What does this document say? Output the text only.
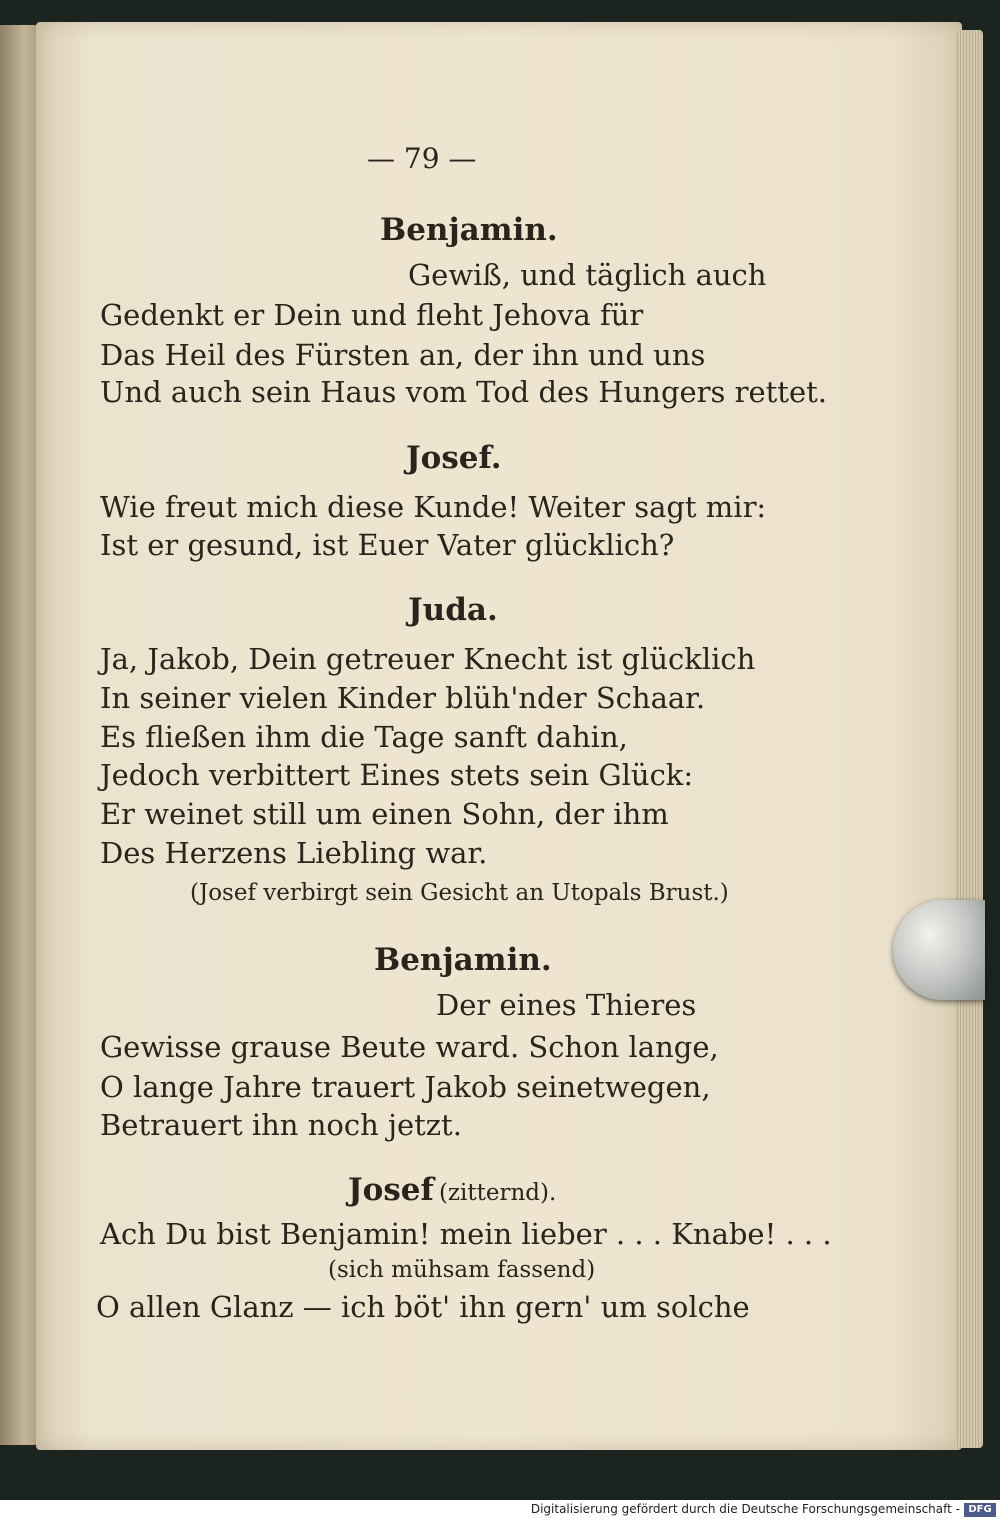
— 79 —
Benjamin.
Gewiß, und täglich auch
Gedenkt er Dein und fleht Jehova für
Das Heil des Fürsten an, der ihn und uns
Und auch sein Haus vom Tod des Hungers rettet.
Josef.
Wie freut mich diese Kunde! Weiter sagt mir:
Ist er gesund, ist Euer Vater glücklich?
Juda.
Ja, Jakob, Dein getreuer Knecht ist glücklich
In seiner vielen Kinder blüh'nder Schaar.
Es fließen ihm die Tage sanft dahin,
Jedoch verbittert Eines stets sein Glück:
Er weinet still um einen Sohn, der ihm
Des Herzens Liebling war.
(Josef verbirgt sein Gesicht an Utopals Brust.)
Benjamin.
Der eines Thieres
Gewisse grause Beute ward. Schon lange,
O lange Jahre trauert Jakob seinetwegen,
Betrauert ihn noch jetzt.
Josef (zitternd).
Ach Du bist Benjamin! mein lieber . . . Knabe! . . .
(sich mühsam fassend)
O allen Glanz — ich böt' ihn gern' um solche
Digitalisierung gefördert durch die Deutsche Forschungsgemeinschaft - DFG
